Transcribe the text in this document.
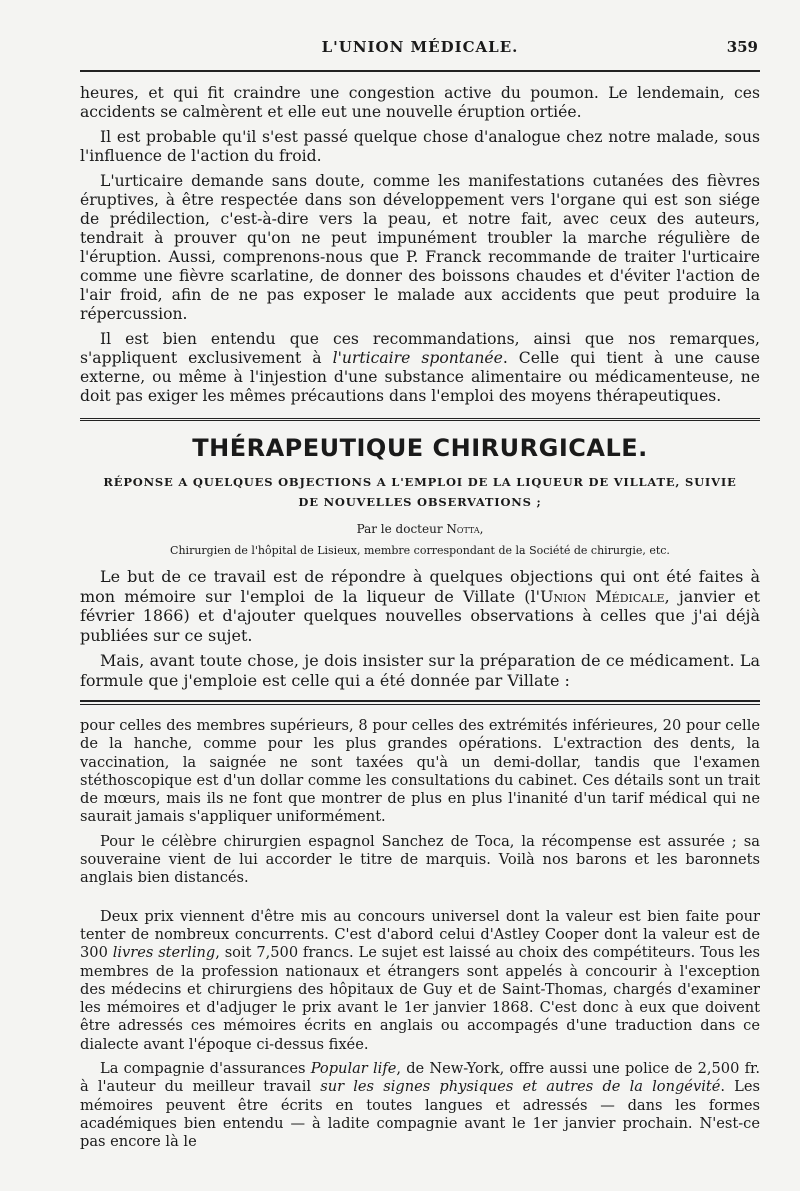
L'UNION MÉDICALE.	359

heures, et qui fit craindre une congestion active du poumon. Le lendemain, ces accidents se calmèrent et elle eut une nouvelle éruption ortiée.

Il est probable qu'il s'est passé quelque chose d'analogue chez notre malade, sous l'influence de l'action du froid.

L'urticaire demande sans doute, comme les manifestations cutanées des fièvres éruptives, à être respectée dans son développement vers l'organe qui est son siége de prédilection, c'est-à-dire vers la peau, et notre fait, avec ceux des auteurs, tendrait à prouver qu'on ne peut impunément troubler la marche régulière de l'éruption. Aussi, comprenons-nous que P. Franck recommande de traiter l'urticaire comme une fièvre scarlatine, de donner des boissons chaudes et d'éviter l'action de l'air froid, afin de ne pas exposer le malade aux accidents que peut produire la répercussion.

Il est bien entendu que ces recommandations, ainsi que nos remarques, s'appliquent exclusivement à l'urticaire spontanée. Celle qui tient à une cause externe, ou même à l'injestion d'une substance alimentaire ou médicamenteuse, ne doit pas exiger les mêmes précautions dans l'emploi des moyens thérapeutiques.

THÉRAPEUTIQUE CHIRURGICALE.
RÉPONSE A QUELQUES OBJECTIONS A L'EMPLOI DE LA LIQUEUR DE VILLATE, SUIVIE
DE NOUVELLES OBSERVATIONS ;
Par le docteur Notta,
Chirurgien de l'hôpital de Lisieux, membre correspondant de la Société de chirurgie, etc.

Le but de ce travail est de répondre à quelques objections qui ont été faites à mon mémoire sur l'emploi de la liqueur de Villate (l'Union Médicale, janvier et février 1866) et d'ajouter quelques nouvelles observations à celles que j'ai déjà publiées sur ce sujet.

Mais, avant toute chose, je dois insister sur la préparation de ce médicament. La formule que j'emploie est celle qui a été donnée par Villate :

pour celles des membres supérieurs, 8 pour celles des extrémités inférieures, 20 pour celle de la hanche, comme pour les plus grandes opérations. L'extraction des dents, la vaccination, la saignée ne sont taxées qu'à un demi-dollar, tandis que l'examen stéthoscopique est d'un dollar comme les consultations du cabinet. Ces détails sont un trait de mœurs, mais ils ne font que montrer de plus en plus l'inanité d'un tarif médical qui ne saurait jamais s'appliquer uniformément.

Pour le célèbre chirurgien espagnol Sanchez de Toca, la récompense est assurée ; sa souveraine vient de lui accorder le titre de marquis. Voilà nos barons et les baronnets anglais bien distancés.

Deux prix viennent d'être mis au concours universel dont la valeur est bien faite pour tenter de nombreux concurrents. C'est d'abord celui d'Astley Cooper dont la valeur est de 300 livres sterling, soit 7,500 francs. Le sujet est laissé au choix des compétiteurs. Tous les membres de la profession nationaux et étrangers sont appelés à concourir à l'exception des médecins et chirurgiens des hôpitaux de Guy et de Saint-Thomas, chargés d'examiner les mémoires et d'adjuger le prix avant le 1er janvier 1868. C'est donc à eux que doivent être adressés ces mémoires écrits en anglais ou accompagés d'une traduction dans ce dialecte avant l'époque ci-dessus fixée.

La compagnie d'assurances Popular life, de New-York, offre aussi une police de 2,500 fr. à l'auteur du meilleur travail sur les signes physiques et autres de la longévité. Les mémoires peuvent être écrits en toutes langues et adressés — dans les formes académiques bien entendu — à ladite compagnie avant le 1er janvier prochain. N'est-ce pas encore là le
